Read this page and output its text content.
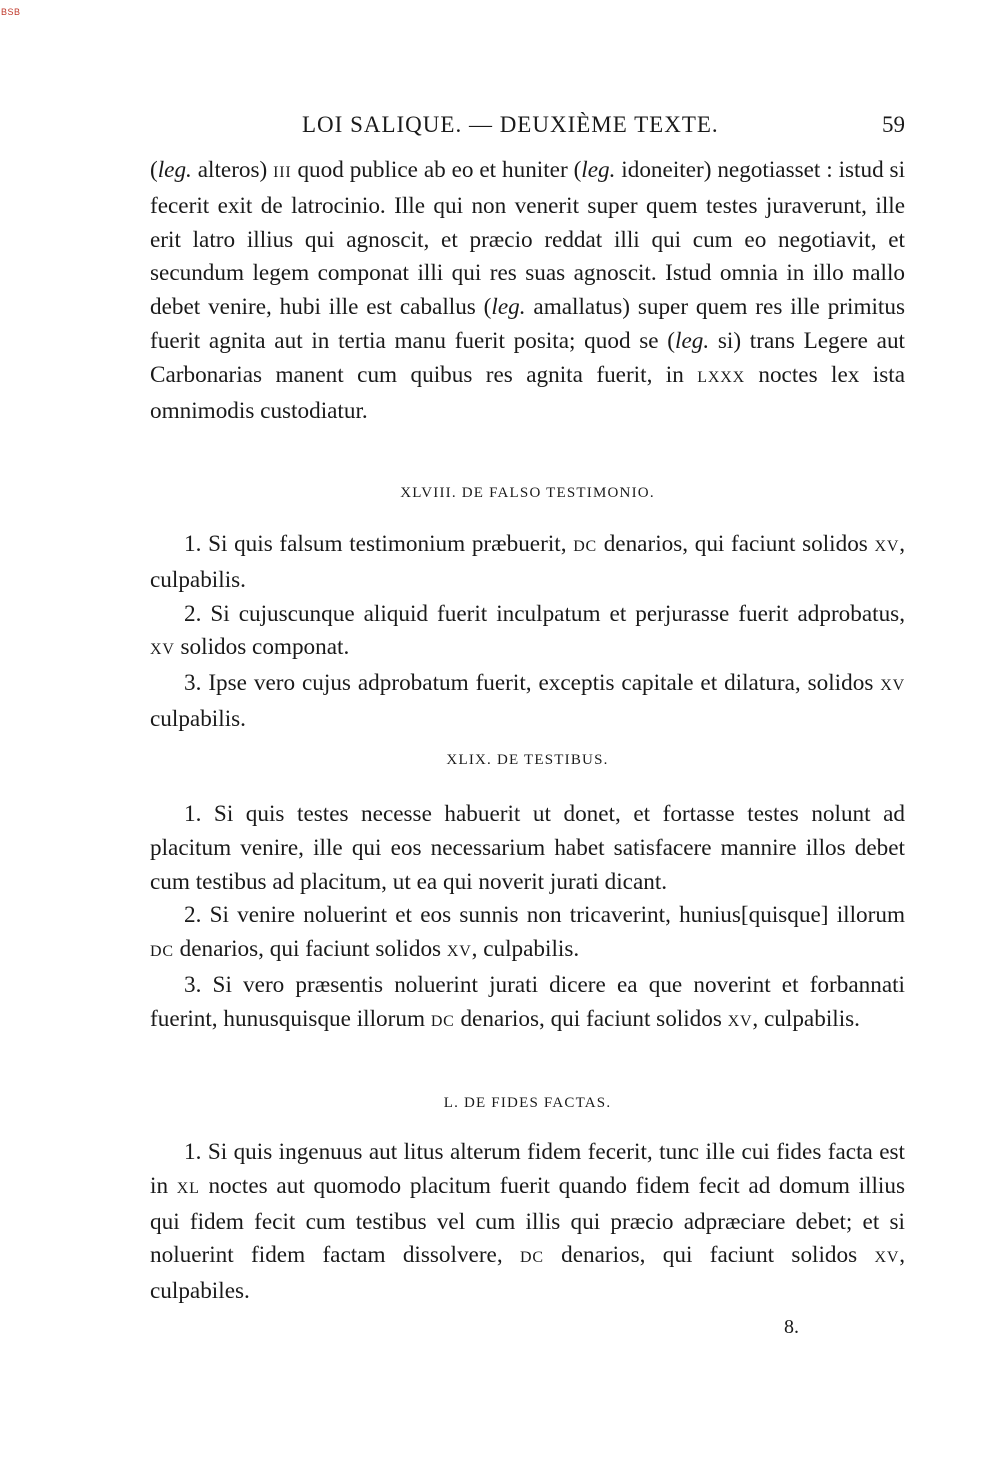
BSB
LOI SALIQUE. — DEUXIÈME TEXTE.	59

(leg. alteros) III quod publice ab eo et huniter (leg. idoneiter) negotiasset : istud si fecerit exit de latrocinio. Ille qui non venerit super quem testes juraverunt, ille erit latro illius qui agnoscit, et præcio reddat illi qui cum eo negotiavit, et secundum legem componat illi qui res suas agnoscit. Istud omnia in illo mallo debet venire, hubi ille est caballus (leg. amallatus) super quem res ille primitus fuerit agnita aut in tertia manu fuerit posita; quod se (leg. si) trans Legere aut Carbonarias manent cum quibus res agnita fuerit, in LXXX noctes lex ista omnimodis custodiatur.

XLVIII. DE FALSO TESTIMONIO.

1. Si quis falsum testimonium præbuerit, DC denarios, qui faciunt solidos XV, culpabilis.

2. Si cujuscunque aliquid fuerit inculpatum et perjurasse fuerit adprobatus, XV solidos componat.

3. Ipse vero cujus adprobatum fuerit, exceptis capitale et dilatura, solidos XV culpabilis.

XLIX. DE TESTIBUS.

1. Si quis testes necesse habuerit ut donet, et fortasse testes nolunt ad placitum venire, ille qui eos necessarium habet satisfacere mannire illos debet cum testibus ad placitum, ut ea qui noverit jurati dicant.

2. Si venire noluerint et eos sunnis non tricaverint, hunius[quisque] illorum DC denarios, qui faciunt solidos XV, culpabilis.

3. Si vero præsentis noluerint jurati dicere ea que noverint et forbannati fuerint, hunusquisque illorum DC denarios, qui faciunt solidos XV, culpabilis.

L. DE FIDES FACTAS.

1. Si quis ingenuus aut litus alterum fidem fecerit, tunc ille cui fides facta est in XL noctes aut quomodo placitum fuerit quando fidem fecit ad domum illius qui fidem fecit cum testibus vel cum illis qui præcio adpræciare debet; et si noluerint fidem factam dissolvere, DC denarios, qui faciunt solidos XV, culpabiles.

8.
